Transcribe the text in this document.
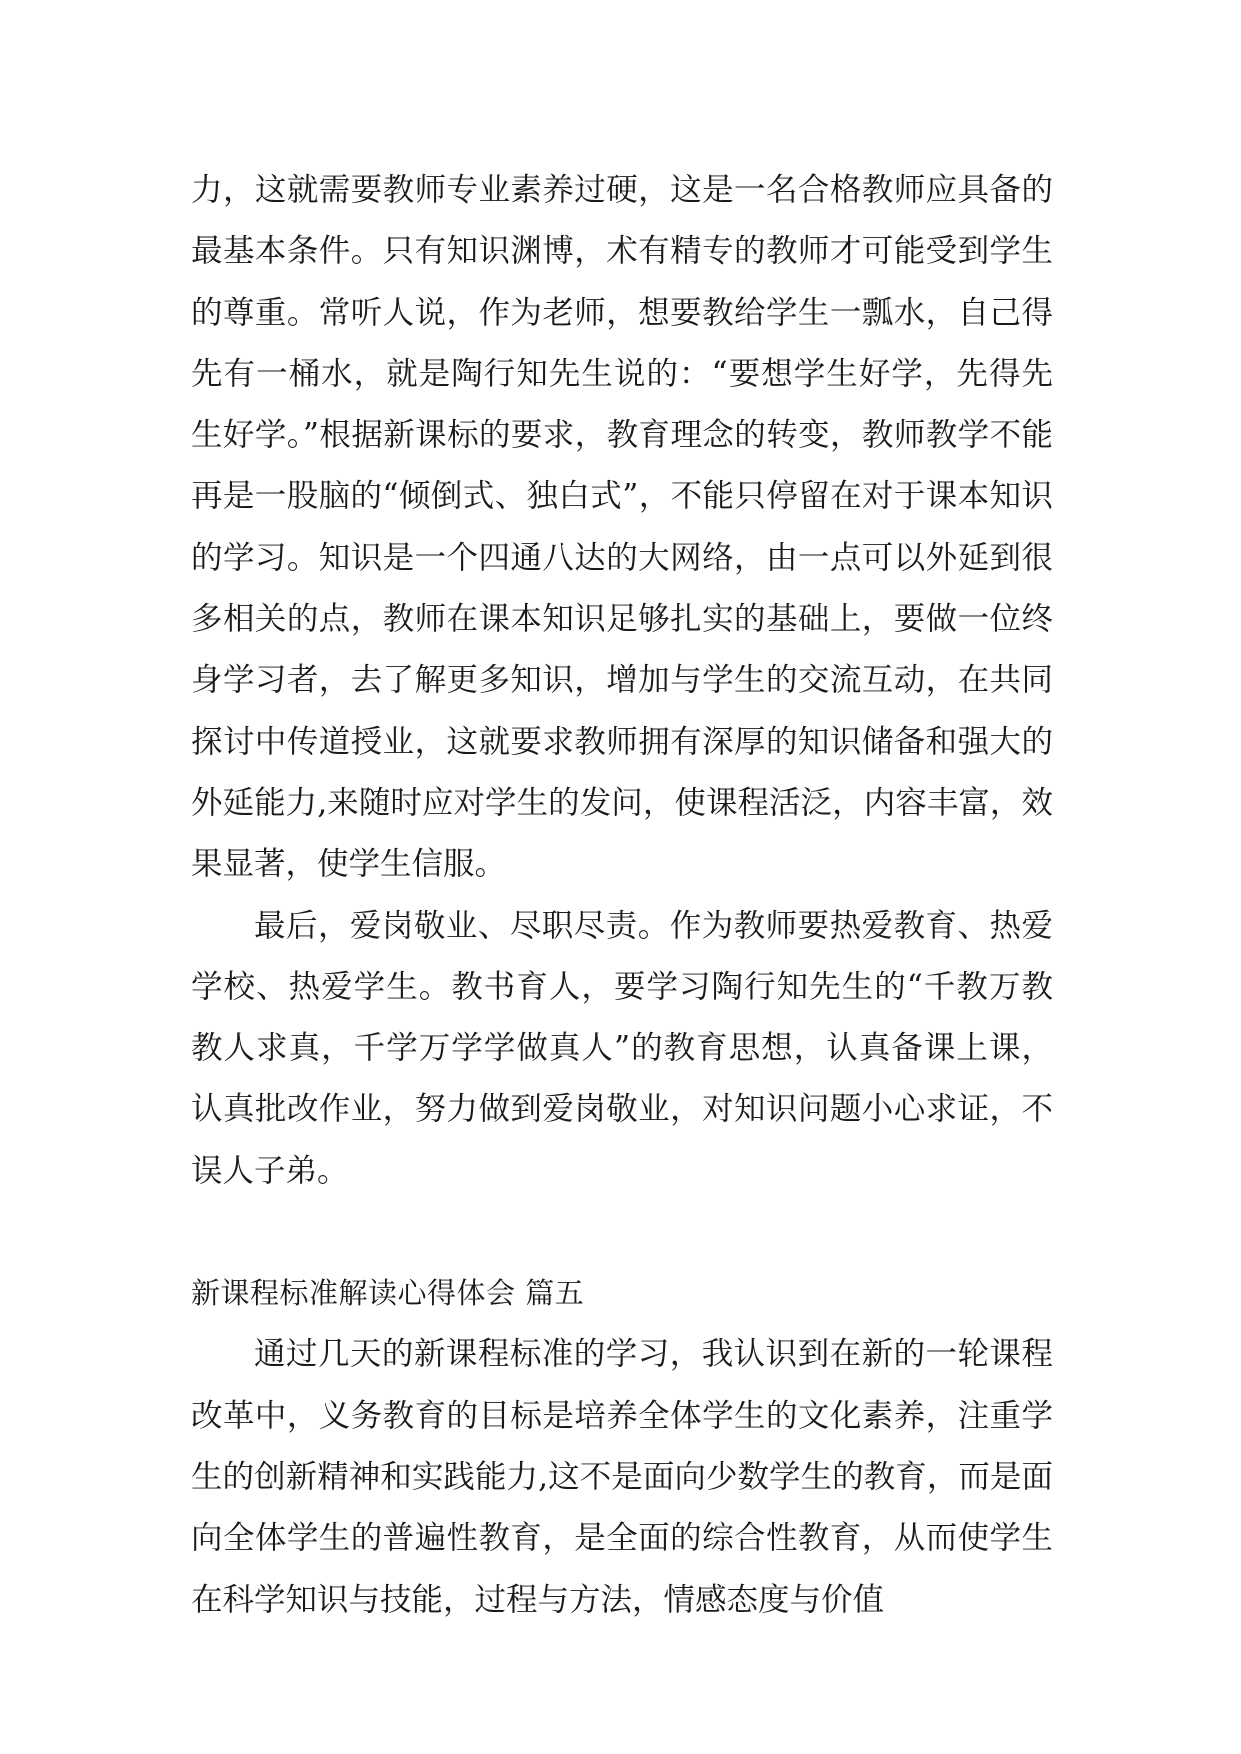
力，这就需要教师专业素养过硬，这是一名合格教师应具备的最基本条件。只有知识渊博，术有精专的教师才可能受到学生的尊重。常听人说，作为老师，想要教给学生一瓢水，自己得先有一桶水，就是陶行知先生说的：“要想学生好学，先得先生好学。”根据新课标的要求，教育理念的转变，教师教学不能再是一股脑的“倾倒式、独白式”，不能只停留在对于课本知识的学习。知识是一个四通八达的大网络，由一点可以外延到很多相关的点，教师在课本知识足够扎实的基础上，要做一位终身学习者，去了解更多知识，增加与学生的交流互动，在共同探讨中传道授业，这就要求教师拥有深厚的知识储备和强大的外延能力,来随时应对学生的发问，使课程活泛，内容丰富，效果显著，使学生信服。

最后，爱岗敬业、尽职尽责。作为教师要热爱教育、热爱学校、热爱学生。教书育人，要学习陶行知先生的“千教万教教人求真，千学万学学做真人”的教育思想，认真备课上课，认真批改作业，努力做到爱岗敬业，对知识问题小心求证，不误人子弟。

新课程标准解读心得体会 篇五

通过几天的新课程标准的学习，我认识到在新的一轮课程改革中，义务教育的目标是培养全体学生的文化素养，注重学生的创新精神和实践能力,这不是面向少数学生的教育，而是面向全体学生的普遍性教育，是全面的综合性教育，从而使学生在科学知识与技能，过程与方法，情感态度与价值
